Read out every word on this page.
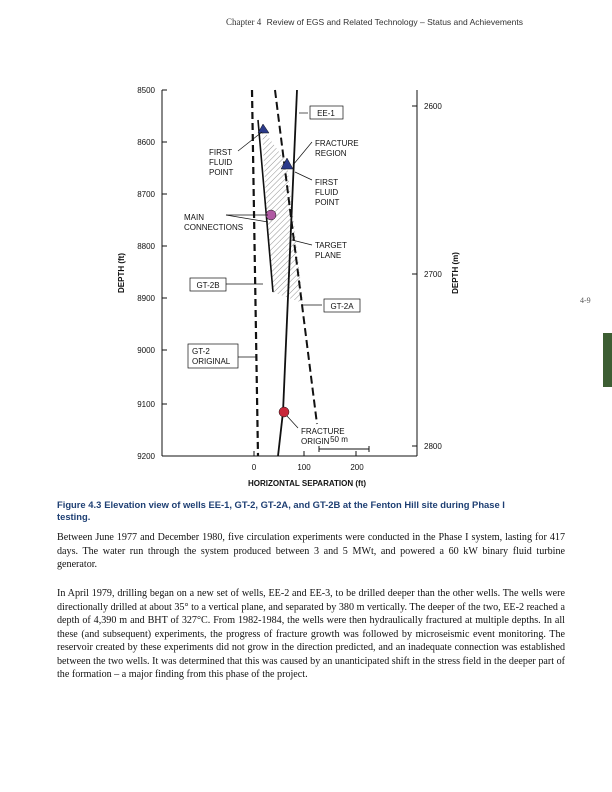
Chapter 4 Review of EGS and Related Technology – Status and Achievements
4-9
8500
8600
8700
8800
8900
9000
9100
9200
DEPTH (ft)
2600
2700
2800
DEPTH (m)
0	100	200
HORIZONTAL SEPARATION (ft)
50 m
EE-1
GT-2B
GT-2A
GT-2
ORIGINAL
FRACTURE
REGION
FIRST
FLUID
POINT
FIRST
FLUID
POINT
MAIN
CONNECTIONS
TARGET
PLANE
FRACTURE
ORIGIN
Figure 4.3 Elevation view of wells EE-1, GT-2, GT-2A, and GT-2B at the Fenton Hill site during Phase I testing.

Between June 1977 and December 1980, five circulation experiments were conducted in the Phase I system, lasting for 417 days. The water run through the system produced between 3 and 5 MWt, and powered a 60 kW binary fluid turbine generator.

In April 1979, drilling began on a new set of wells, EE-2 and EE-3, to be drilled deeper than the other wells. The wells were directionally drilled at about 35° to a vertical plane, and separated by 380 m vertically. The deeper of the two, EE-2 reached a depth of 4,390 m and BHT of 327°C. From 1982-1984, the wells were then hydraulically fractured at multiple depths. In all these (and subsequent) experiments, the progress of fracture growth was followed by microseismic event monitoring. The reservoir created by these experiments did not grow in the direction predicted, and an inadequate connection was established between the two wells. It was determined that this was caused by an unanticipated shift in the stress field in the deeper part of the formation – a major finding from this phase of the project.
